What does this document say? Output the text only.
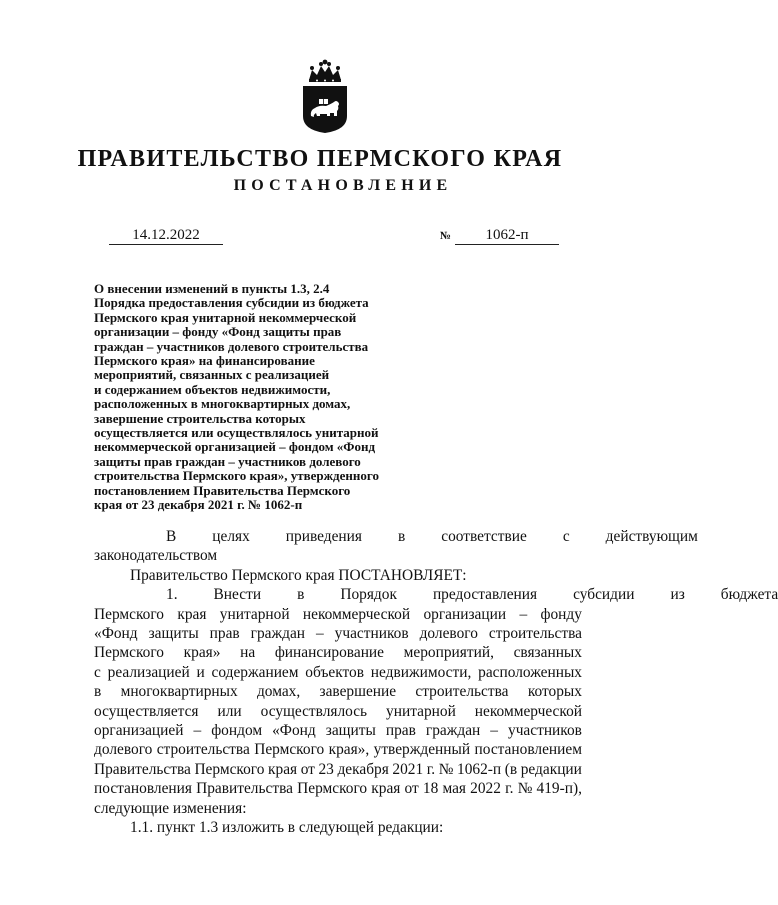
ПРАВИТЕЛЬСТВО ПЕРМСКОГО КРАЯ
ПОСТАНОВЛЕНИЕ
14.12.2022	№	1062-п
О внесении изменений в пункты 1.3, 2.4
Порядка предоставления субсидии из бюджета
Пермского края унитарной некоммерческой
организации – фонду «Фонд защиты прав
граждан – участников долевого строительства
Пермского края» на финансирование
мероприятий, связанных с реализацией
и содержанием объектов недвижимости,
расположенных в многоквартирных домах,
завершение строительства которых
осуществляется или осуществлялось унитарной
некоммерческой организацией – фондом «Фонд
защиты прав граждан – участников долевого
строительства Пермского края», утвержденного
постановлением Правительства Пермского
края от 23 декабря 2021 г. № 1062-п
В	целях	приведения	в	соответствие	с	действующим
законодательством
Правительство Пермского края ПОСТАНОВЛЯЕТ:
1.	Внести	в	Порядок	предоставления	субсидии	из	бюджета
Пермского края унитарной некоммерческой организации – фонду
«Фонд защиты прав граждан – участников долевого строительства
Пермского края» на финансирование мероприятий, связанных
с реализацией и содержанием объектов недвижимости, расположенных
в многоквартирных домах, завершение строительства которых
осуществляется или осуществлялось унитарной некоммерческой
организацией – фондом «Фонд защиты прав граждан – участников
долевого строительства Пермского края», утвержденный постановлением
Правительства Пермского края от 23 декабря 2021 г. № 1062-п (в редакции
постановления Правительства Пермского края от 18 мая 2022 г. № 419-п),
следующие изменения:
1.1. пункт 1.3 изложить в следующей редакции:
